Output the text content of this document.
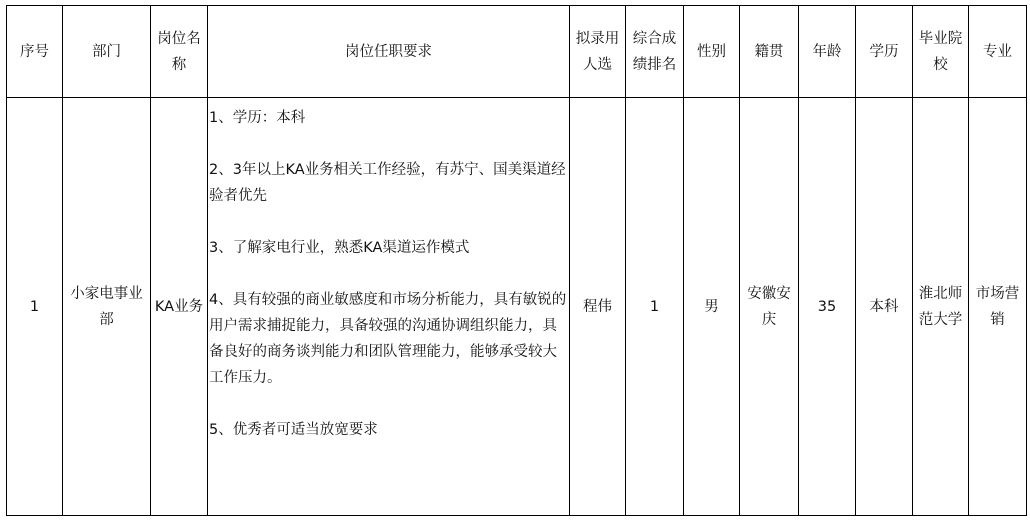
序号	部门	岗位名称	岗位任职要求	拟录用人选	综合成绩排名	性别	籍贯	年龄	学历	毕业院校	专业
1	小家电事业部	KA业务	1、学历：本科
2、3年以上KA业务相关工作经验，有苏宁、国美渠道经验者优先
3、了解家电行业，熟悉KA渠道运作模式
4、具有较强的商业敏感度和市场分析能力，具有敏锐的用户需求捕捉能力，具备较强的沟通协调组织能力，具备良好的商务谈判能力和团队管理能力，能够承受较大工作压力。
5、优秀者可适当放宽要求	程伟	1	男	安徽安庆	35	本科	淮北师范大学	市场营销
